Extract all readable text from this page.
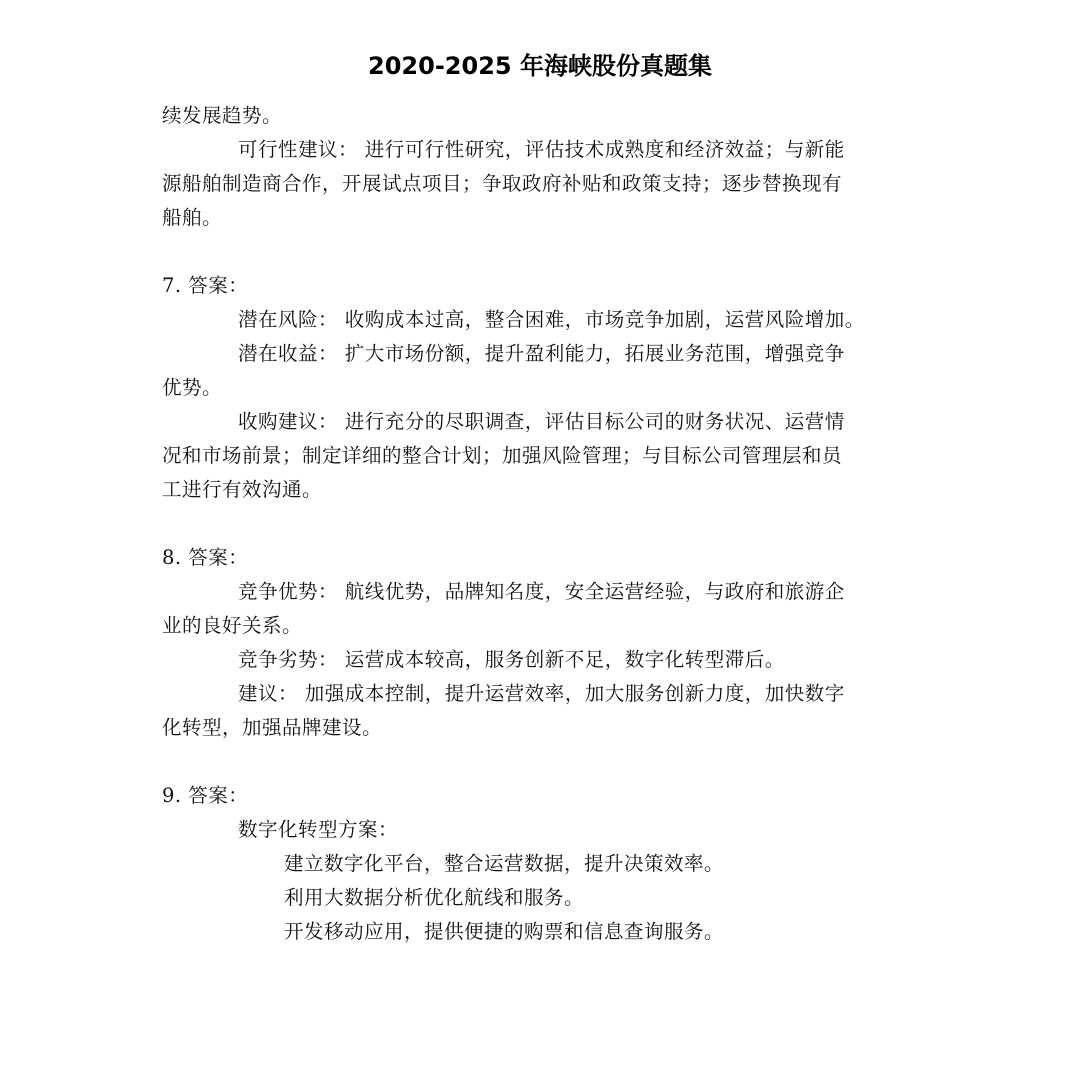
2020-2025 年海峡股份真题集
续发展趋势。
可行性建议： 进行可行性研究，评估技术成熟度和经济效益；与新能
源船舶制造商合作，开展试点项目；争取政府补贴和政策支持；逐步替换现有
船舶。
7. 答案：
潜在风险： 收购成本过高，整合困难，市场竞争加剧，运营风险增加。
潜在收益： 扩大市场份额，提升盈利能力，拓展业务范围，增强竞争
优势。
收购建议： 进行充分的尽职调查，评估目标公司的财务状况、运营情
况和市场前景；制定详细的整合计划；加强风险管理；与目标公司管理层和员
工进行有效沟通。
8. 答案：
竞争优势： 航线优势，品牌知名度，安全运营经验，与政府和旅游企
业的良好关系。
竞争劣势： 运营成本较高，服务创新不足，数字化转型滞后。
建议： 加强成本控制，提升运营效率，加大服务创新力度，加快数字
化转型，加强品牌建设。
9. 答案：
数字化转型方案：
建立数字化平台，整合运营数据，提升决策效率。
利用大数据分析优化航线和服务。
开发移动应用，提供便捷的购票和信息查询服务。
